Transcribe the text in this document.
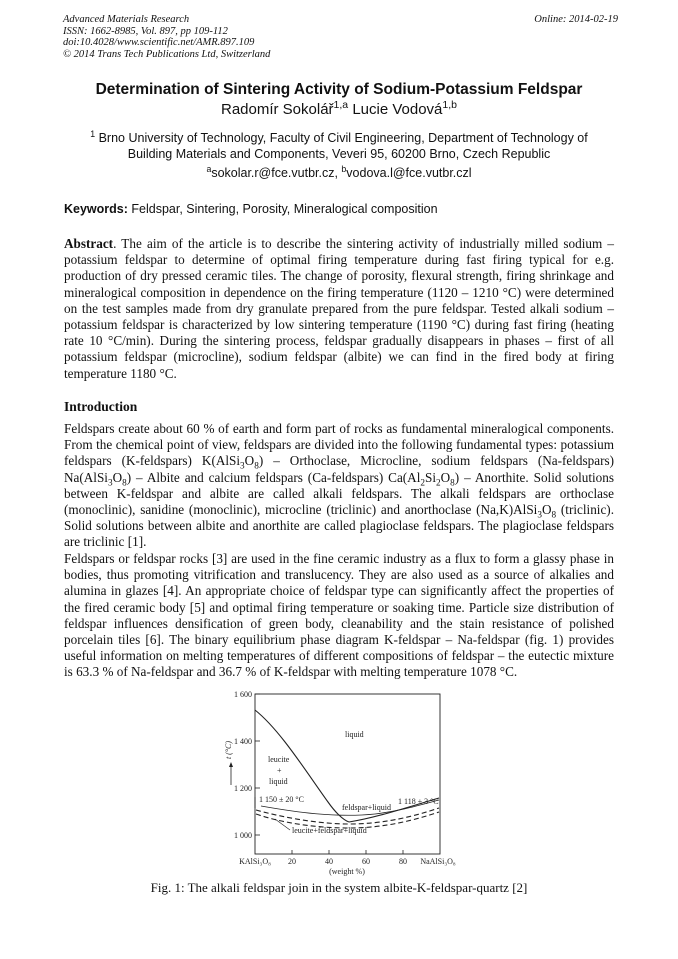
Advanced Materials Research
ISSN: 1662-8985, Vol. 897, pp 109-112
doi:10.4028/www.scientific.net/AMR.897.109
© 2014 Trans Tech Publications Ltd, Switzerland
Online: 2014-02-19
Determination of Sintering Activity of Sodium-Potassium Feldspar
Radomír Sokolář$^{1,a}$ Lucie Vodová$^{1,b}$
$^1$ Brno University of Technology, Faculty of Civil Engineering, Department of Technology of Building Materials and Components, Veveri 95, 60200 Brno, Czech Republic
$^a$sokolar.r@fce.vutbr.cz, $^b$vodova.l@fce.vutbr.czl
Keywords: Feldspar, Sintering, Porosity, Mineralogical composition
Abstract. The aim of the article is to describe the sintering activity of industrially milled sodium – potassium feldspar to determine of optimal firing temperature during fast firing typical for e.g. production of dry pressed ceramic tiles. The change of porosity, flexural strength, firing shrinkage and mineralogical composition in dependence on the firing temperature (1120 – 1210 °C) were determined on the test samples made from dry granulate prepared from the pure feldspar. Tested alkali sodium – potassium feldspar is characterized by low sintering temperature (1190 °C) during fast firing (heating rate 10 °C/min). During the sintering process, feldspar gradually disappears in phases – first of all potassium feldspar (microcline), sodium feldspar (albite) we can find in the fired body at firing temperature 1180 °C.
Introduction
Feldspars create about 60 % of earth and form part of rocks as fundamental mineralogical components. From the chemical point of view, feldspars are divided into the following fundamental types: potassium feldspars (K-feldspars) $K(AlSi_3O_8)$ – Orthoclase, Microcline, sodium feldspars (Na-feldspars) $Na(AlSi_3O_8)$ – Albite and calcium feldspars (Ca-feldspars) $Ca(Al_2Si_2O_8)$ – Anorthite. Solid solutions between K-feldspar and albite are called alkali feldspars. The alkali feldspars are orthoclase (monoclinic), sanidine (monoclinic), microcline (triclinic) and anorthoclase $(Na,K)AlSi_3O_8$ (triclinic). Solid solutions between albite and anorthite are called plagioclase feldspars. The plagioclase feldspars are triclinic [1].
Feldspars or feldspar rocks [3] are used in the fine ceramic industry as a flux to form a glassy phase in bodies, thus promoting vitrification and translucency. They are also used as a source of alkalies and alumina in glazes [4]. An appropriate choice of feldspar type can significantly affect the properties of the fired ceramic body [5] and optimal firing temperature or soaking time. Particle size distribution of feldspar influences densification of green body, cleanability and the stain resistance of polished porcelain tiles [6]. The binary equilibrium phase diagram K-feldspar – Na-feldspar (fig. 1) provides useful information on melting temperatures of different compositions of feldspar – the eutectic mixture is 63.3 % of Na-feldspar and 36.7 % of K-feldspar with melting temperature 1078 °C.
1 600
1 400
1 200
1 000
t (°C)
KAlSi₃O₈ 20	40	60	80 NaAlSi₃O₈
(weight %)
liquid
leucite
+
liquid
1 150 ± 20 °C	1 118 ± 3 °C
feldspar+liquid
leucite+feldspar+liquid
Fig. 1: The alkali feldspar join in the system albite-K-feldspar-quartz [2]
